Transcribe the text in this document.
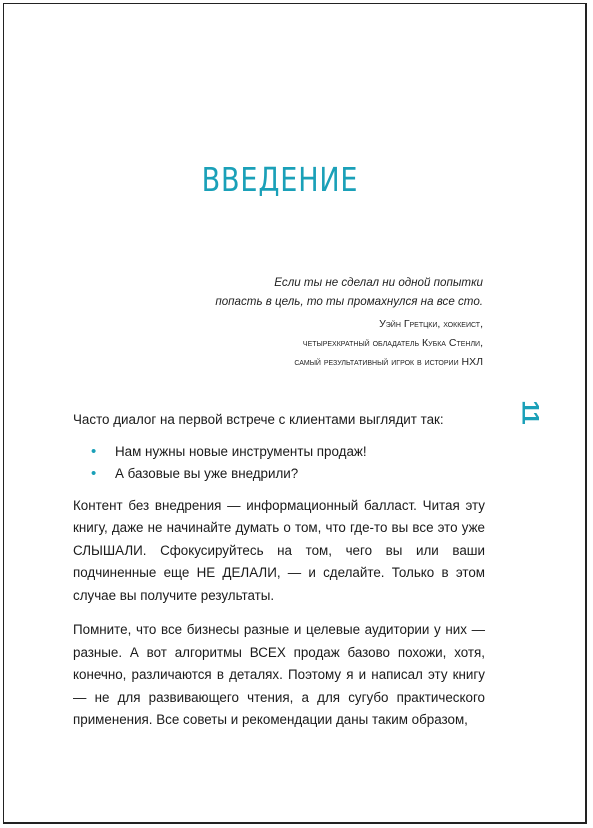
ВВЕДЕНИЕ
Если ты не сделал ни одной попытки
попасть в цель, то ты промахнулся на все сто.
Уэйн Гретцки, хоккеист,
четырехкратный обладатель Кубка Стенли,
самый результативный игрок в истории НХЛ
11

Часто диалог на первой встрече с клиентами выглядит так:

• Нам нужны новые инструменты продаж!
• А базовые вы уже внедрили?

Контент без внедрения — информационный балласт. Читая эту книгу, даже не начинайте думать о том, что где-то вы все это уже СЛЫШАЛИ. Сфокусируйтесь на том, чего вы или ваши подчиненные еще НЕ ДЕЛАЛИ, — и сделайте. Только в этом случае вы получите результаты.

Помните, что все бизнесы разные и целевые аудитории у них — разные. А вот алгоритмы ВСЕХ продаж базово похожи, хотя, конечно, различаются в деталях. Поэтому я и написал эту книгу — не для развивающего чтения, а для сугубо практического применения. Все советы и рекомендации даны таким образом,
